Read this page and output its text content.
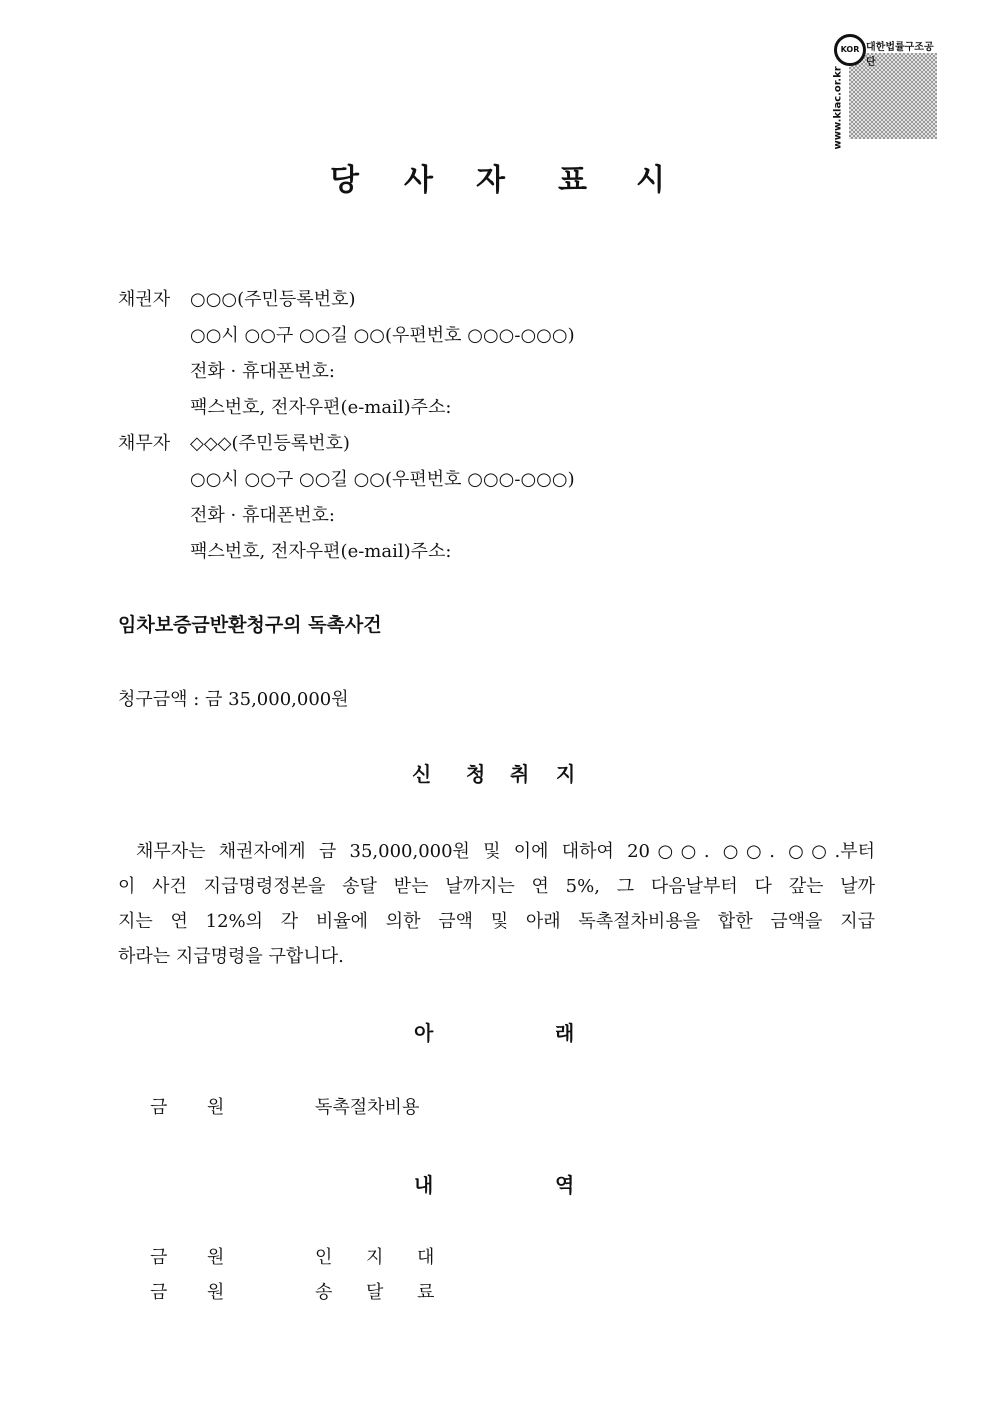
KOR 대한법률구조공단
www.klac.or.kr
당 사 자 표 시
채권자 ○○○(주민등록번호)
○○시 ○○구 ○○길 ○○(우편번호 ○○○-○○○)
전화 · 휴대폰번호:
팩스번호, 전자우편(e-mail)주소:
채무자 ◇◇◇(주민등록번호)
○○시 ○○구 ○○길 ○○(우편번호 ○○○-○○○)
전화 · 휴대폰번호:
팩스번호, 전자우편(e-mail)주소:
임차보증금반환청구의 독촉사건
청구금액 : 금 35,000,000원
신 청 취 지
채무자는 채권자에게 금 35,000,000원 및 이에 대하여 20○○. ○○. ○○.부터
이 사건 지급명령정본을 송달 받는 날까지는 연 5%, 그 다음날부터 다 갚는 날까
지는 연 12%의 각 비율에 의한 금액 및 아래 독촉절차비용을 합한 금액을 지급
하라는 지급명령을 구합니다.
아	래
금 원	독촉절차비용
내	역
금 원	인 지 대
금 원	송 달 료
